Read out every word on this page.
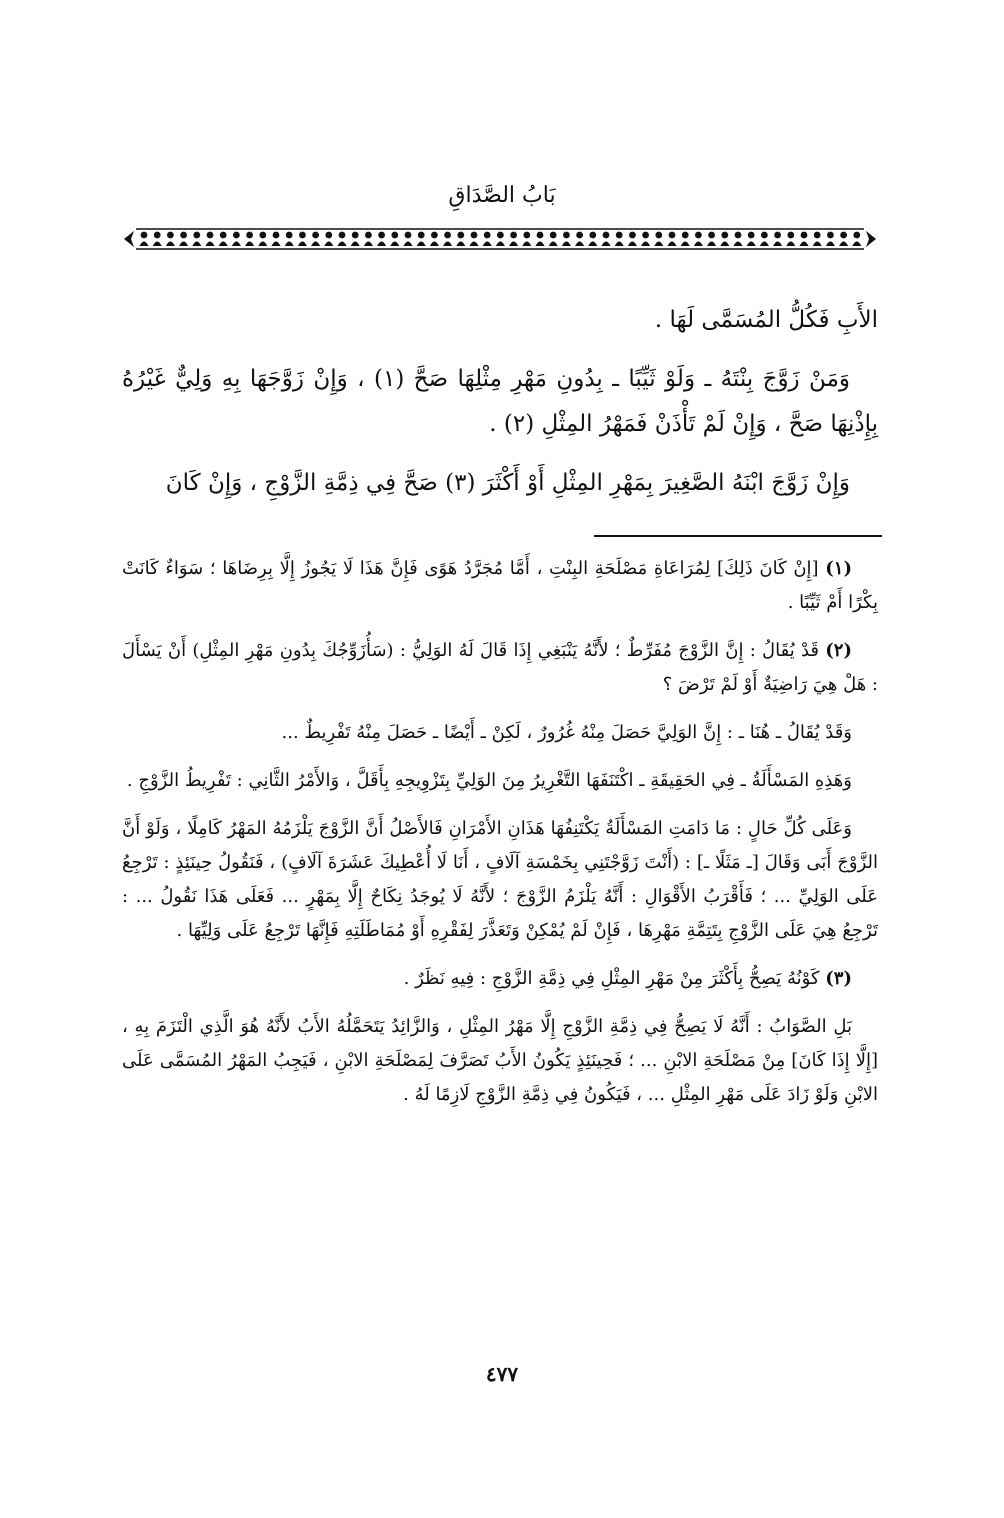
بَابُ الصَّدَاقِ

الأَبِ فَكُلُّ المُسَمَّى لَهَا .

وَمَنْ زَوَّجَ بِنْتَهُ ـ وَلَوْ ثَيِّبًا ـ بِدُونِ مَهْرِ مِثْلِهَا صَحَّ (١) ، وَإِنْ زَوَّجَهَا بِهِ وَلِيٌّ غَيْرُهُ بِإِذْنِهَا صَحَّ ، وَإِنْ لَمْ تَأْذَنْ فَمَهْرُ المِثْلِ (٢) .

وَإِنْ زَوَّجَ ابْنَهُ الصَّغِيرَ بِمَهْرِ المِثْلِ أَوْ أَكْثَرَ (٣) صَحَّ فِي ذِمَّةِ الزَّوْجِ ، وَإِنْ كَانَ

(١) [إِنْ كَانَ ذَلِكَ] لِمُرَاعَاةِ مَصْلَحَةِ البِنْتِ ، أَمَّا مُجَرَّدُ هَوًى فَإِنَّ هَذَا لَا يَجُوزُ إِلَّا بِرِضَاهَا ؛ سَوَاءٌ كَانَتْ بِكْرًا أَمْ ثَيِّبًا .

(٢) قَدْ يُقَالُ : إِنَّ الزَّوْجَ مُفَرِّطٌ ؛ لأَنَّهُ يَنْبَغِي إِذَا قَالَ لَهُ الوَلِيُّ : (سَأُزَوِّجُكَ بِدُونِ مَهْرِ المِثْلِ) أَنْ يَسْأَلَ : هَلْ هِيَ رَاضِيَةٌ أَوْ لَمْ تَرْضَ ؟

وَقَدْ يُقَالُ ـ هُنَا ـ : إِنَّ الوَلِيَّ حَصَلَ مِنْهُ غُرُورٌ ، لَكِنْ ـ أَيْضًا ـ حَصَلَ مِنْهُ تَفْرِيطٌ ...

وَهَذِهِ المَسْأَلَةُ ـ فِي الحَقِيقَةِ ـ اكْتَنَفَهَا التَّغْرِيرُ مِنَ الوَلِيِّ بِتَزْوِيجِهِ بِأَقَلَّ ، وَالأَمْرُ الثَّانِي : تَفْرِيطُ الزَّوْجِ .

وَعَلَى كُلِّ حَالٍ : مَا دَامَتِ المَسْأَلَةُ يَكْتَنِفُهَا هَذَانِ الأَمْرَانِ فَالأَصْلُ أَنَّ الزَّوْجَ يَلْزَمُهُ المَهْرُ كَامِلًا ، وَلَوْ أَنَّ الزَّوْجَ أَبَى وَقَالَ [ـ مَثَلًا ـ] : (أَنْتَ زَوَّجْتَنِي بِخَمْسَةِ آلَافٍ ، أَنَا لَا أُعْطِيكَ عَشَرَةَ آلَافٍ) ، فَنَقُولُ حِينَئِذٍ : تَرْجِعُ عَلَى الوَلِيِّ ... ؛ فَأَقْرَبُ الأَقْوَالِ : أَنَّهُ يَلْزَمُ الزَّوْجَ ؛ لأَنَّهُ لَا يُوجَدُ نِكَاحٌ إِلَّا بِمَهْرٍ ... فَعَلَى هَذَا نَقُولُ ... : تَرْجِعُ هِيَ عَلَى الزَّوْجِ بِتَتِمَّةِ مَهْرِهَا ، فَإِنْ لَمْ يُمْكِنْ وَتَعَذَّرَ لِفَقْرِهِ أَوْ مُمَاطَلَتِهِ فَإِنَّهَا تَرْجِعُ عَلَى وَلِيِّهَا .

(٣) كَوْنُهُ يَصِحُّ بِأَكْثَرَ مِنْ مَهْرِ المِثْلِ فِي ذِمَّةِ الزَّوْجِ : فِيهِ نَظَرٌ .

بَلِ الصَّوَابُ : أَنَّهُ لَا يَصِحُّ فِي ذِمَّةِ الزَّوْجِ إِلَّا مَهْرُ المِثْلِ ، وَالزَّائِدُ يَتَحَمَّلُهُ الأَبُ لأَنَّهُ هُوَ الَّذِي الْتَزَمَ بِهِ ، [إِلَّا إِذَا كَانَ] مِنْ مَصْلَحَةِ الابْنِ ... ؛ فَحِينَئِذٍ يَكُونُ الأَبُ تَصَرَّفَ لِمَصْلَحَةِ الابْنِ ، فَيَجِبُ المَهْرُ المُسَمَّى عَلَى الابْنِ وَلَوْ زَادَ عَلَى مَهْرِ المِثْلِ ... ، فَيَكُونُ فِي ذِمَّةِ الزَّوْجِ لَازِمًا لَهُ .

٤٧٧
